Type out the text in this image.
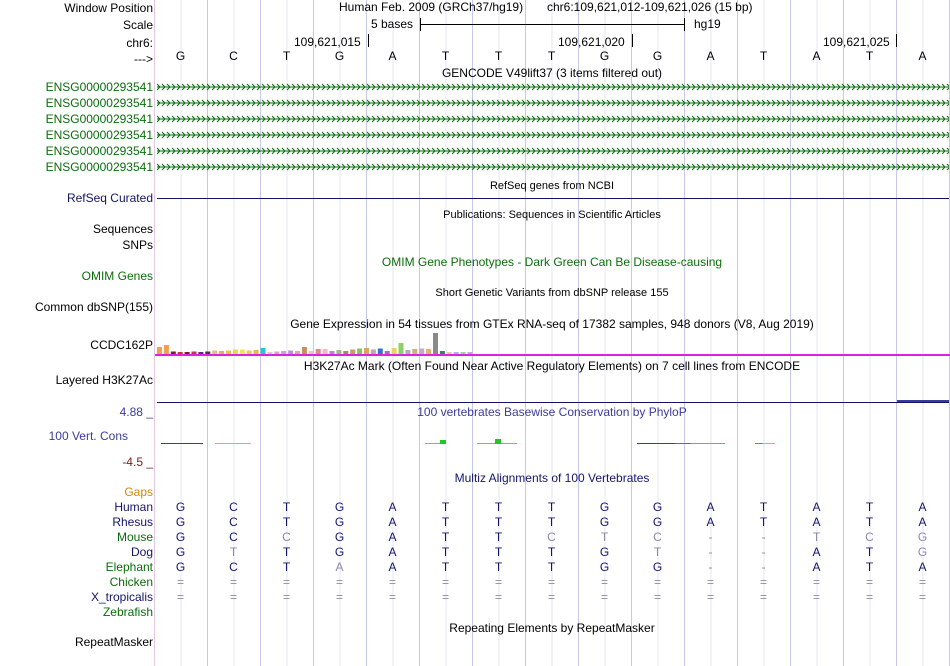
Window Position	Human Feb. 2009 (GRCh37/hg19) chr6:109,621,012-109,621,026 (15 bp)
Scale	5 bases	hg19
chr6:	109,621,015	109,621,020	109,621,025
--->	G	C	T	G	A	T	T	T	G	G	A	T	A	T	A
GENCODE V49lift37 (3 items filtered out)
ENSG00000293541
ENSG00000293541
ENSG00000293541
ENSG00000293541
ENSG00000293541
ENSG00000293541
RefSeq genes from NCBI
RefSeq Curated
Publications: Sequences in Scientific Articles
Sequences
SNPs
OMIM Gene Phenotypes - Dark Green Can Be Disease-causing
OMIM Genes
Short Genetic Variants from dbSNP release 155
Common dbSNP(155)
Gene Expression in 54 tissues from GTEx RNA-seq of 17382 samples, 948 donors (V8, Aug 2019)
CCDC162P
H3K27Ac Mark (Often Found Near Active Regulatory Elements) on 7 cell lines from ENCODE
Layered H3K27Ac
100 vertebrates Basewise Conservation by PhyloP
4.88 _
100 Vert. Cons
-4.5 _
Multiz Alignments of 100 Vertebrates
Gaps
Human	G	C	T	G	A	T	T	T	G	G	A	T	A	T	A
Rhesus	G	C	T	G	A	T	T	T	G	G	A	T	A	T	A
Mouse	G	C	C	G	A	T	T	C	T	C	-	-	T	C	G
Dog	G	T	T	G	A	T	T	T	G	T	-	-	A	T	G
Elephant	G	C	T	A	A	T	T	T	G	G	-	-	A	T	A
Chicken	=	=	=	=	=	=	=	=	=	=	=	=	=	=	=
X_tropicalis	=	=	=	=	=	=	=	=	=	=	=	=	=	=	=
Zebrafish
Repeating Elements by RepeatMasker
RepeatMasker
